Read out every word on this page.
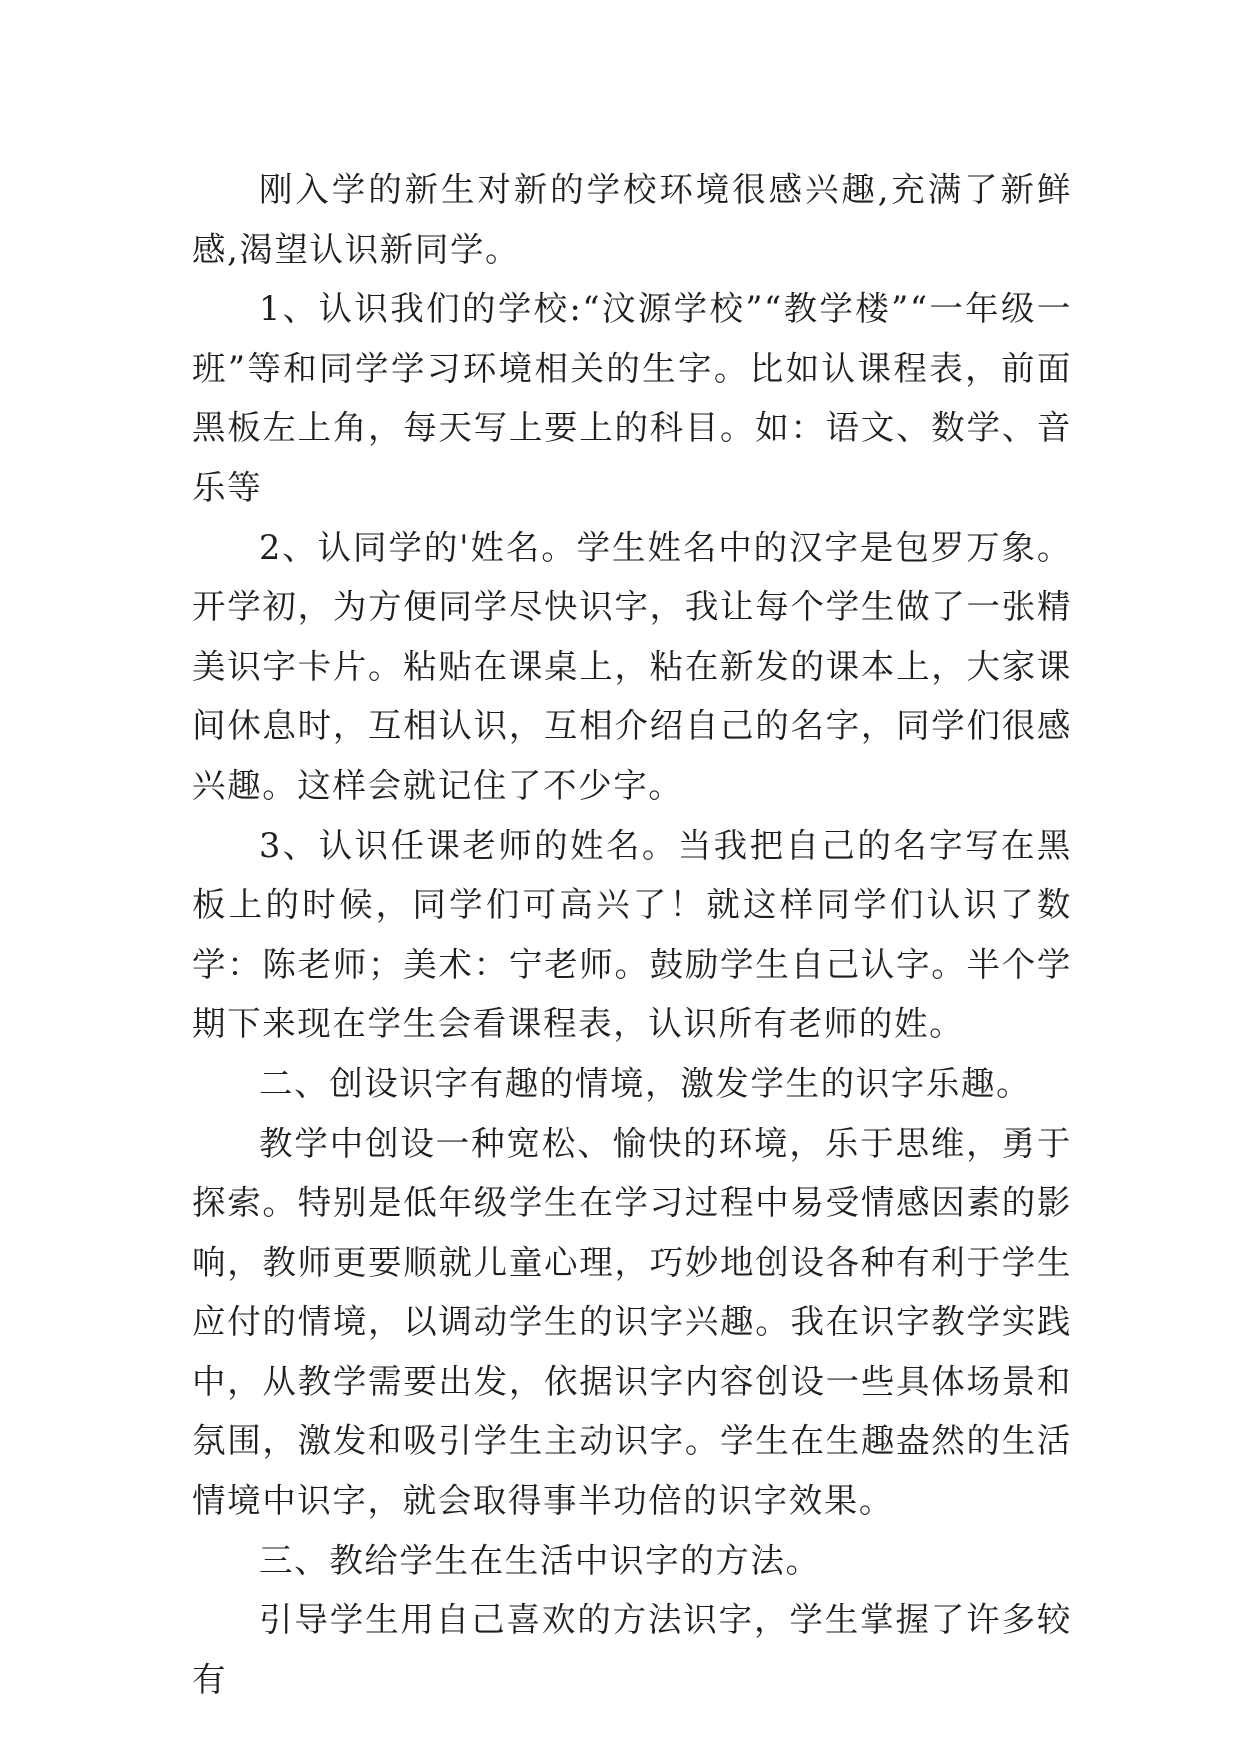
刚入学的新生对新的学校环境很感兴趣,充满了新鲜感,渴望认识新同学。

1、认识我们的学校:“汶源学校”“教学楼”“一年级一班”等和同学学习环境相关的生字。比如认课程表，前面黑板左上角，每天写上要上的科目。如：语文、数学、音乐等

2、认同学的'姓名。学生姓名中的汉字是包罗万象。开学初，为方便同学尽快识字，我让每个学生做了一张精美识字卡片。粘贴在课桌上，粘在新发的课本上，大家课间休息时，互相认识，互相介绍自己的名字，同学们很感兴趣。这样会就记住了不少字。

3、认识任课老师的姓名。当我把自己的名字写在黑板上的时候，同学们可高兴了！就这样同学们认识了数学：陈老师；美术：宁老师。鼓励学生自己认字。半个学期下来现在学生会看课程表，认识所有老师的姓。

二、创设识字有趣的情境，激发学生的识字乐趣。

教学中创设一种宽松、愉快的环境，乐于思维，勇于探索。特别是低年级学生在学习过程中易受情感因素的影响，教师更要顺就儿童心理，巧妙地创设各种有利于学生应付的情境，以调动学生的识字兴趣。我在识字教学实践中，从教学需要出发，依据识字内容创设一些具体场景和氛围，激发和吸引学生主动识字。学生在生趣盎然的生活情境中识字，就会取得事半功倍的识字效果。

三、教给学生在生活中识字的方法。

引导学生用自己喜欢的方法识字，学生掌握了许多较有
